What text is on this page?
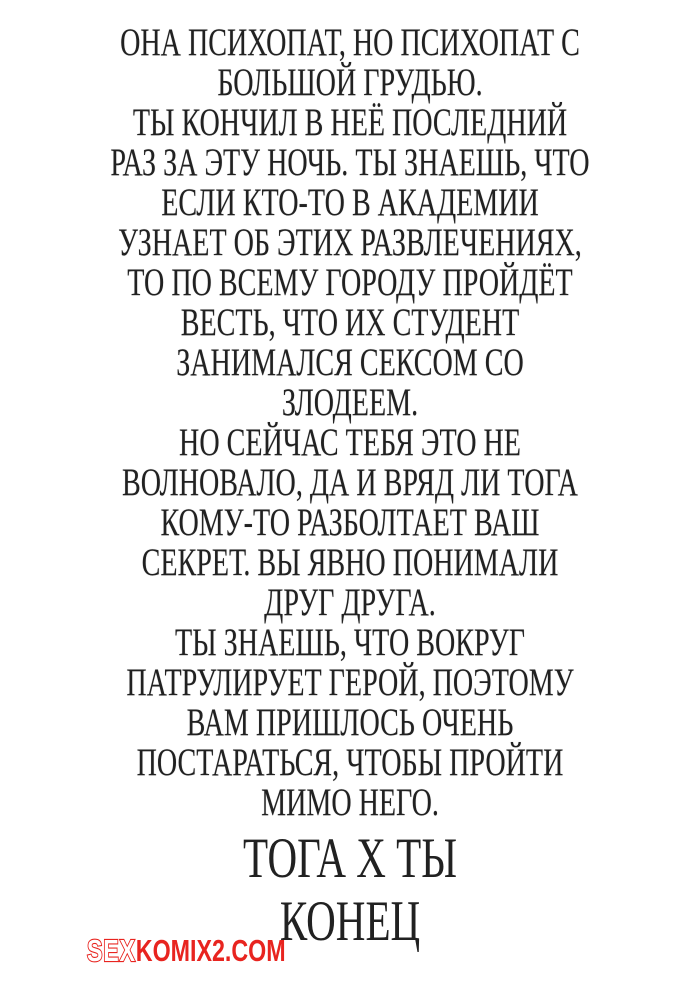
ОНА ПСИХОПАТ, НО ПСИХОПАТ С
БОЛЬШОЙ ГРУДЬЮ.
ТЫ КОНЧИЛ В НЕЁ ПОСЛЕДНИЙ
РАЗ ЗА ЭТУ НОЧЬ. ТЫ ЗНАЕШЬ, ЧТО
ЕСЛИ КТО-ТО В АКАДЕМИИ
УЗНАЕТ ОБ ЭТИХ РАЗВЛЕЧЕНИЯХ,
ТО ПО ВСЕМУ ГОРОДУ ПРОЙДЁТ
ВЕСТЬ, ЧТО ИХ СТУДЕНТ
ЗАНИМАЛСЯ СЕКСОМ СО
ЗЛОДЕЕМ.
НО СЕЙЧАС ТЕБЯ ЭТО НЕ
ВОЛНОВАЛО, ДА И ВРЯД ЛИ ТОГА
КОМУ-ТО РАЗБОЛТАЕТ ВАШ
СЕКРЕТ. ВЫ ЯВНО ПОНИМАЛИ
ДРУГ ДРУГА.
ТЫ ЗНАЕШЬ, ЧТО ВОКРУГ
ПАТРУЛИРУЕТ ГЕРОЙ, ПОЭТОМУ
ВАМ ПРИШЛОСЬ ОЧЕНЬ
ПОСТАРАТЬСЯ, ЧТОБЫ ПРОЙТИ
МИМО НЕГО.
ТОГА X ТЫ
КОНЕЦ
SEXKOMIX2.COM
